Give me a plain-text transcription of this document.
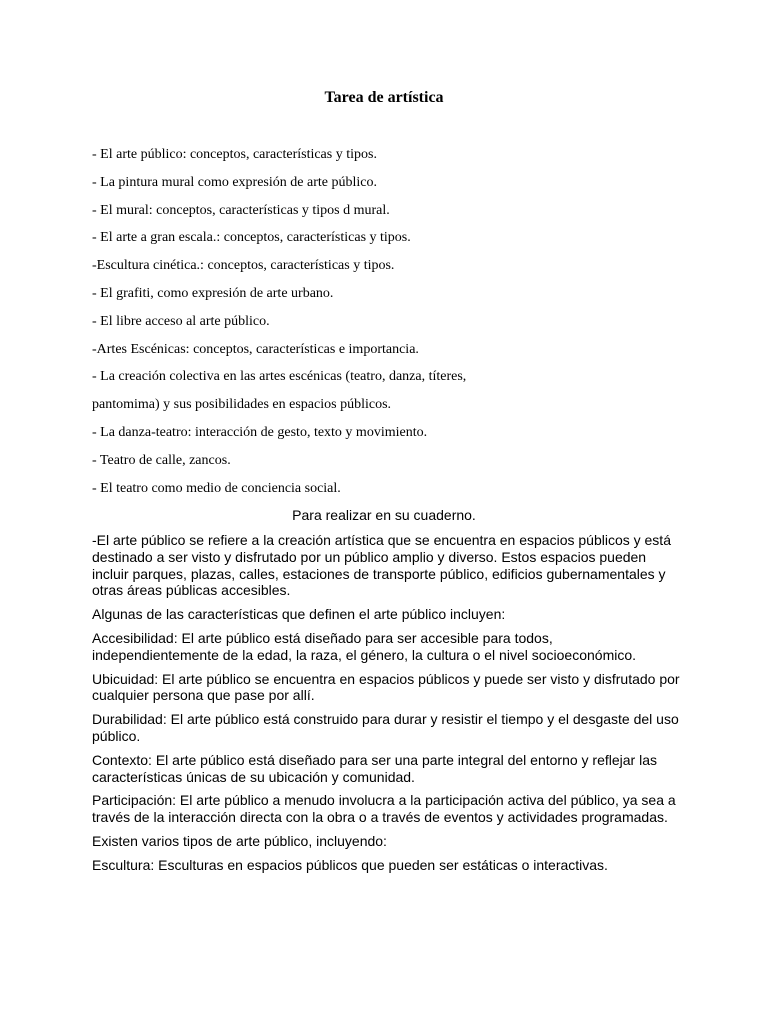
Tarea de artística
- El arte público: conceptos, características y tipos.
- La pintura mural como expresión de arte público.
- El mural: conceptos, características y tipos d mural.
- El arte a gran escala.: conceptos, características y tipos.
-Escultura cinética.: conceptos, características y tipos.
- El grafiti, como expresión de arte urbano.
- El libre acceso al arte público.
-Artes Escénicas: conceptos, características e importancia.
- La creación colectiva en las artes escénicas (teatro, danza, títeres,
pantomima) y sus posibilidades en espacios públicos.
- La danza-teatro: interacción de gesto, texto y movimiento.
- Teatro de calle, zancos.
- El teatro como medio de conciencia social.
Para realizar en su cuaderno.

-El arte público se refiere a la creación artística que se encuentra en espacios públicos y está destinado a ser visto y disfrutado por un público amplio y diverso. Estos espacios pueden incluir parques, plazas, calles, estaciones de transporte público, edificios gubernamentales y otras áreas públicas accesibles.

Algunas de las características que definen el arte público incluyen:

Accesibilidad: El arte público está diseñado para ser accesible para todos, independientemente de la edad, la raza, el género, la cultura o el nivel socioeconómico.

Ubicuidad: El arte público se encuentra en espacios públicos y puede ser visto y disfrutado por cualquier persona que pase por allí.

Durabilidad: El arte público está construido para durar y resistir el tiempo y el desgaste del uso público.

Contexto: El arte público está diseñado para ser una parte integral del entorno y reflejar las características únicas de su ubicación y comunidad.

Participación: El arte público a menudo involucra a la participación activa del público, ya sea a través de la interacción directa con la obra o a través de eventos y actividades programadas.

Existen varios tipos de arte público, incluyendo:

Escultura: Esculturas en espacios públicos que pueden ser estáticas o interactivas.
